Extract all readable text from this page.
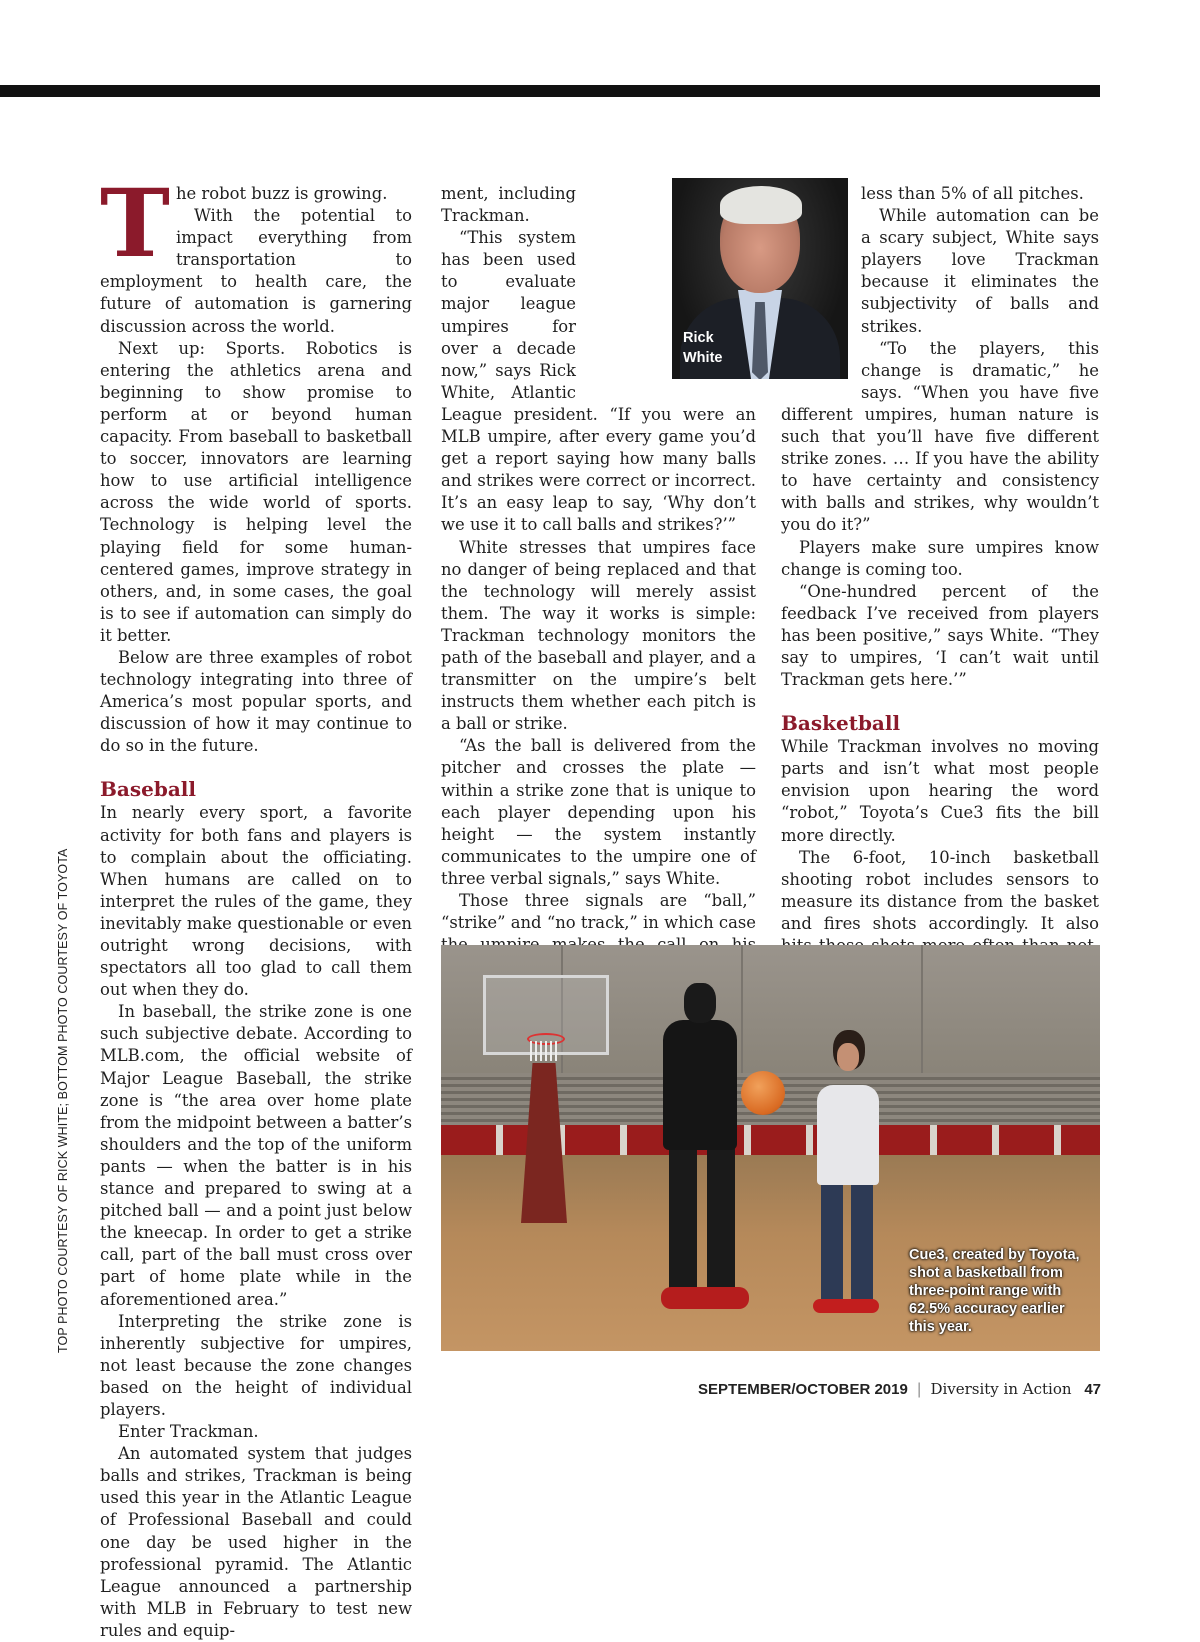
T he robot buzz is growing.

With the potential to impact everything from transportation to employment to health care, the future of automation is garnering discussion across the world.

Next up: Sports. Robotics is entering the athletics arena and beginning to show promise to perform at or beyond human capacity. From baseball to basketball to soccer, innovators are learning how to use artificial intelligence across the wide world of sports. Technology is helping level the playing field for some human-centered games, improve strategy in others, and, in some cases, the goal is to see if automation can simply do it better.

Below are three examples of robot technology integrating into three of America’s most popular sports, and discussion of how it may continue to do so in the future.

Baseball

In nearly every sport, a favorite activity for both fans and players is to complain about the officiating. When humans are called on to interpret the rules of the game, they inevitably make questionable or even outright wrong decisions, with spectators all too glad to call them out when they do.

In baseball, the strike zone is one such subjective debate. According to MLB.com, the official website of Major League Baseball, the strike zone is “the area over home plate from the midpoint between a batter’s shoulders and the top of the uniform pants — when the batter is in his stance and prepared to swing at a pitched ball — and a point just below the kneecap. In order to get a strike call, part of the ball must cross over part of home plate while in the aforementioned area.”

Interpreting the strike zone is inherently subjective for umpires, not least because the zone changes based on the height of individual players.

Enter Trackman.

An automated system that judges balls and strikes, Trackman is being used this year in the Atlantic League of Professional Baseball and could one day be used higher in the professional pyramid. The Atlantic League announced a partnership with MLB in February to test new rules and equip-

ment, including Trackman.

“This system has been used to evaluate major league umpires for over a decade now,” says Rick White, Atlantic League president. “If you were an MLB umpire, after every game you’d get a report saying how many balls and strikes were correct or incorrect. It’s an easy leap to say, ‘Why don’t we use it to call balls and strikes?’”

White stresses that umpires face no danger of being replaced and that the technology will merely assist them. The way it works is simple: Trackman technology monitors the path of the baseball and player, and a transmitter on the umpire’s belt instructs them whether each pitch is a ball or strike.

“As the ball is delivered from the pitcher and crosses the plate — within a strike zone that is unique to each player depending upon his height — the system instantly communicates to the umpire one of three verbal signals,” says White.

Those three signals are “ball,” “strike” and “no track,” in which case

less than 5% of all pitches.

While automation can be a scary subject, White says players love Trackman because it eliminates the subjectivity of balls and strikes.

“To the players, this change is dramatic,” he says. “When you have five different umpires, human nature is such that you’ll have five different strike zones. … If you have the ability to have certainty and consistency with balls and strikes, why wouldn’t you do it?”

Players make sure umpires know change is coming too.

“One-hundred percent of the feedback I’ve received from players has been positive,” says White. “They say to umpires, ‘I can’t wait until Trackman gets here.’”

Basketball

While Trackman involves no moving parts and isn’t what most people envision upon hearing the word “robot,” Toyota’s Cue3 fits the bill more directly.

The 6-foot, 10-inch basketball shooting robot includes sensors to measure its distance from the basket and fires shots accordingly. It also

Rick
White
Cue3, created by Toyota, shot a basketball from three-point range with 62.5% accuracy earlier this year.
TOP PHOTO COURTESY OF RICK WHITE; BOTTOM PHOTO COURTESY OF TOYOTA
SEPTEMBER/OCTOBER 2019 | Diversity in Action 47
